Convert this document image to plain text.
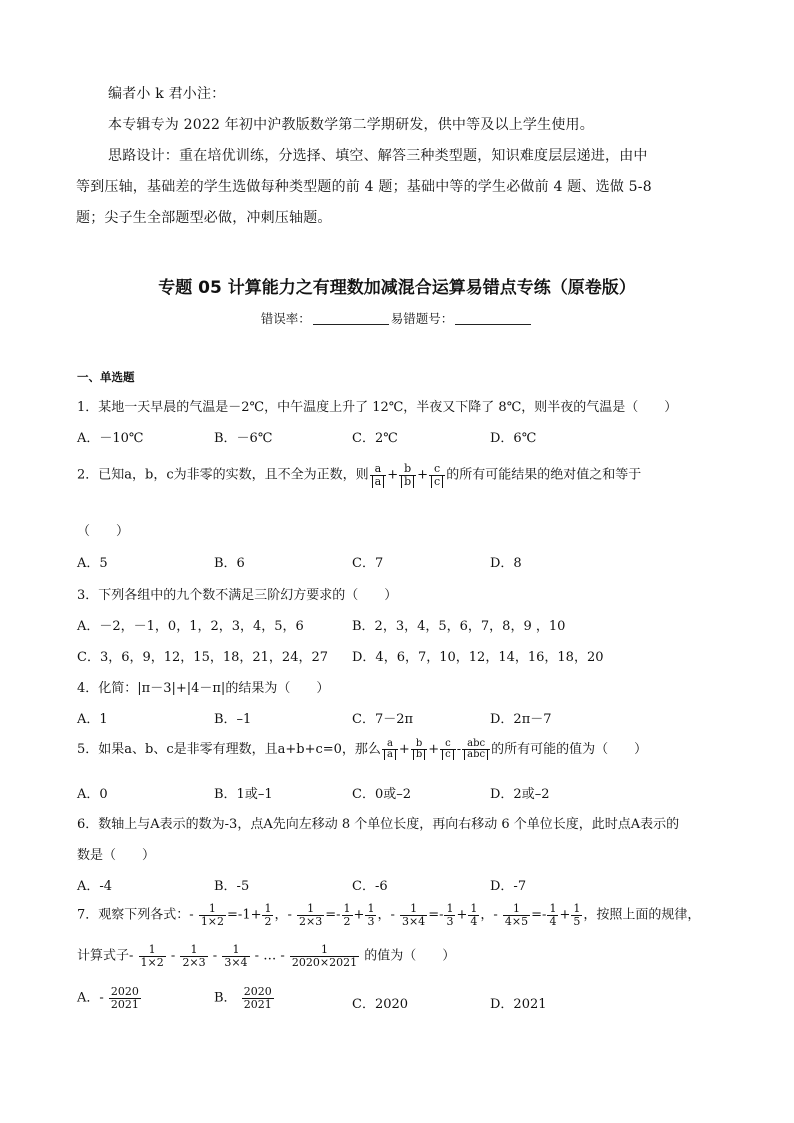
编者小 k 君小注：
本专辑专为 2022 年初中沪教版数学第二学期研发，供中等及以上学生使用。
思路设计：重在培优训练，分选择、填空、解答三种类型题，知识难度层层递进，由中
等到压轴，基础差的学生选做每种类型题的前 4 题；基础中等的学生必做前 4 题、选做 5-8
题；尖子生全部题型必做，冲刺压轴题。
专题 05 计算能力之有理数加减混合运算易错点专练（原卷版）
错误率：	易错题号：
一、单选题
1．某地一天早晨的气温是－2℃，中午温度上升了 12℃，半夜又下降了 8℃，则半夜的气温是（　　）
A．－10℃	B．－6℃	C．2℃	D．6℃
2．已知a，b，c为非零的实数，且不全为正数，则 $\frac{a}{a} + \frac{b}{b} + \frac{c}{c}$ 的所有可能结果的绝对值之和等于
（　　）
A．5	B．6	C．7	D．8
3．下列各组中的九个数不满足三阶幻方要求的（　　）
A．－2，－1，0，1，2，3，4，5，6	B．2，3，4，5，6，7，8，9 ，10
C．3，6，9，12，15，18，21，24，27 D．4，6，7，10，12，14，16，18，20
4．化简：|π－3|+|4－π|的结果为（　　）
A．1	B．–1	C．7－2π	D．2π－7
5．如果a、b、c是非零有理数，且a+b+c=0，那么 $\frac{a}{a} + \frac{b}{b} + \frac{c}{c} - \frac{\text{abc}}{\text{abc}}$ 的所有可能的值为（　　）
A．0	B．1或–1	C．0或–2	D．2或–2
6．数轴上与A表示的数为-3，点A先向左移动 8 个单位长度，再向右移动 6 个单位长度，此时点A表示的
数是（　　）
A．-4	B．-5	C．-6	D．-7
7．观察下列各式：- $\frac{1}{1\times 2} =-1+ \frac{1}{2}$ ，- $\frac{1}{2\times 3} =- \frac{1}{2} + \frac{1}{3}$ ，- $\frac{1}{3\times 4} =- \frac{1}{3} + \frac{1}{4}$ ，- $\frac{1}{4\times 5} =- \frac{1}{4} + \frac{1}{5}$ ，按照上面的规律，
计算式子- $\frac{1}{1\times 2} - \frac{1}{2\times 3} - \frac{1}{3\times 4}$ - … - $\frac{1}{2020\times 2021}$ 的值为（　　）
A．- $\frac{2020}{2021}$	B． $\frac{2020}{2021}$	C．2020	D．2021
